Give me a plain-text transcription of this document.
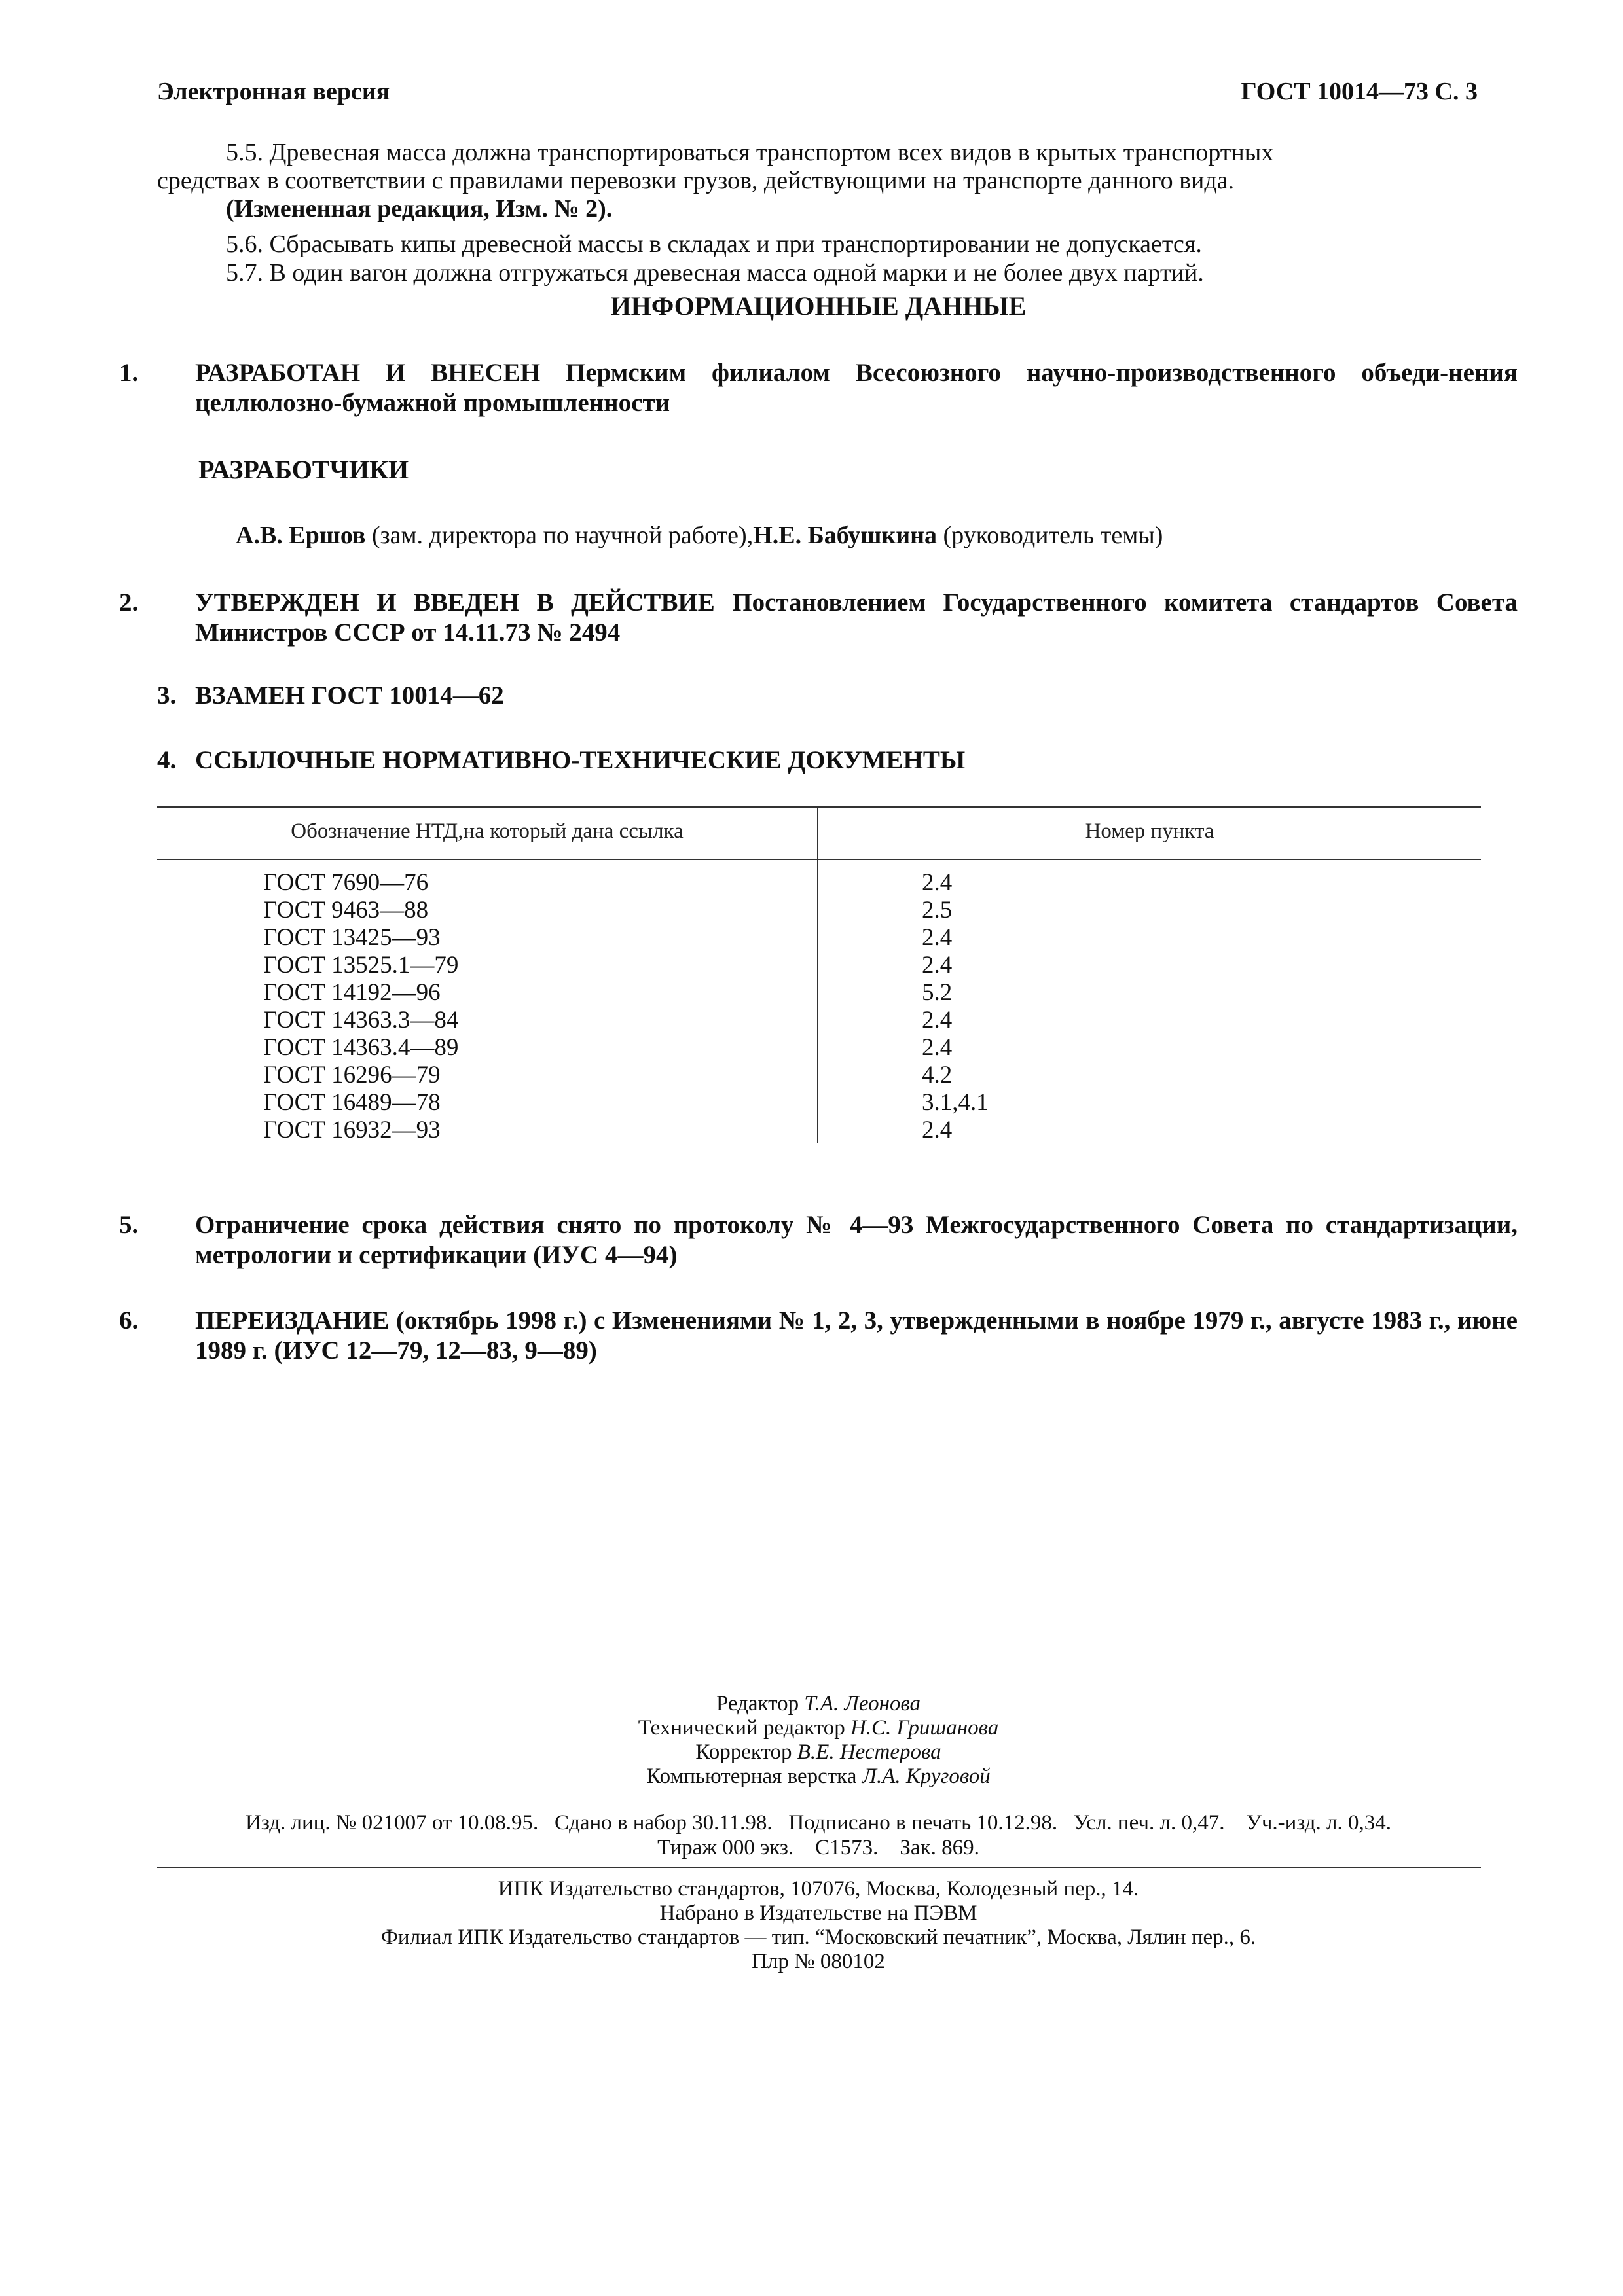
Электронная версия	ГОСТ 10014—73 С. 3
5.5. Древесная масса должна транспортироваться транспортом всех видов в крытых транспортных
средствах в соответствии с правилами перевозки грузов, действующими на транспорте данного вида.
(Измененная редакция, Изм. № 2).
5.6. Сбрасывать кипы древесной массы в складах и при транспортировании не допускается.
5.7. В один вагон должна отгружаться древесная масса одной марки и не более двух партий.
ИНФОРМАЦИОННЫЕ ДАННЫЕ
1. РАЗРАБОТАН И ВНЕСЕН Пермским филиалом Всесоюзного научно-производственного объеди-нения целлюлозно-бумажной промышленности
РАЗРАБОТЧИКИ
А.В. Ершов (зам. директора по научной работе),Н.Е. Бабушкина (руководитель темы)
2. УТВЕРЖДЕН И ВВЕДЕН В ДЕЙСТВИЕ Постановлением Государственного комитета стандартов Совета Министров СССР от 14.11.73 № 2494
3. ВЗАМЕН ГОСТ 10014—62
4. ССЫЛОЧНЫЕ НОРМАТИВНО-ТЕХНИЧЕСКИЕ ДОКУМЕНТЫ
Обозначение НТД,на который дана ссылка	Номер пункта
ГОСТ 7690—76
ГОСТ 9463—88
ГОСТ 13425—93
ГОСТ 13525.1—79
ГОСТ 14192—96
ГОСТ 14363.3—84
ГОСТ 14363.4—89
ГОСТ 16296—79
ГОСТ 16489—78
ГОСТ 16932—93
2.4
2.5
2.4
2.4
5.2
2.4
2.4
4.2
3.1,4.1
2.4
5. Ограничение срока действия снято по протоколу № 4—93 Межгосударственного Совета по стандартизации, метрологии и сертификации (ИУС 4—94)
6. ПЕРЕИЗДАНИЕ (октябрь 1998 г.) с Изменениями № 1, 2, 3, утвержденными в ноябре 1979 г., августе 1983 г., июне 1989 г. (ИУС 12—79, 12—83, 9—89)
Редактор Т.А. Леонова
Технический редактор Н.С. Гришанова
Корректор В.Е. Нестерова
Компьютерная верстка Л.А. Круговой
Изд. лиц. № 021007 от 10.08.95.   Сдано в набор 30.11.98.   Подписано в печать 10.12.98.   Усл. печ. л. 0,47.    Уч.-изд. л. 0,34.
Тираж 000 экз.    С1573.    Зак. 869.
ИПК Издательство стандартов, 107076, Москва, Колодезный пер., 14.
Набрано в Издательстве на ПЭВМ
Филиал ИПК Издательство стандартов — тип. “Московский печатник”, Москва, Лялин пер., 6.
Плр № 080102
